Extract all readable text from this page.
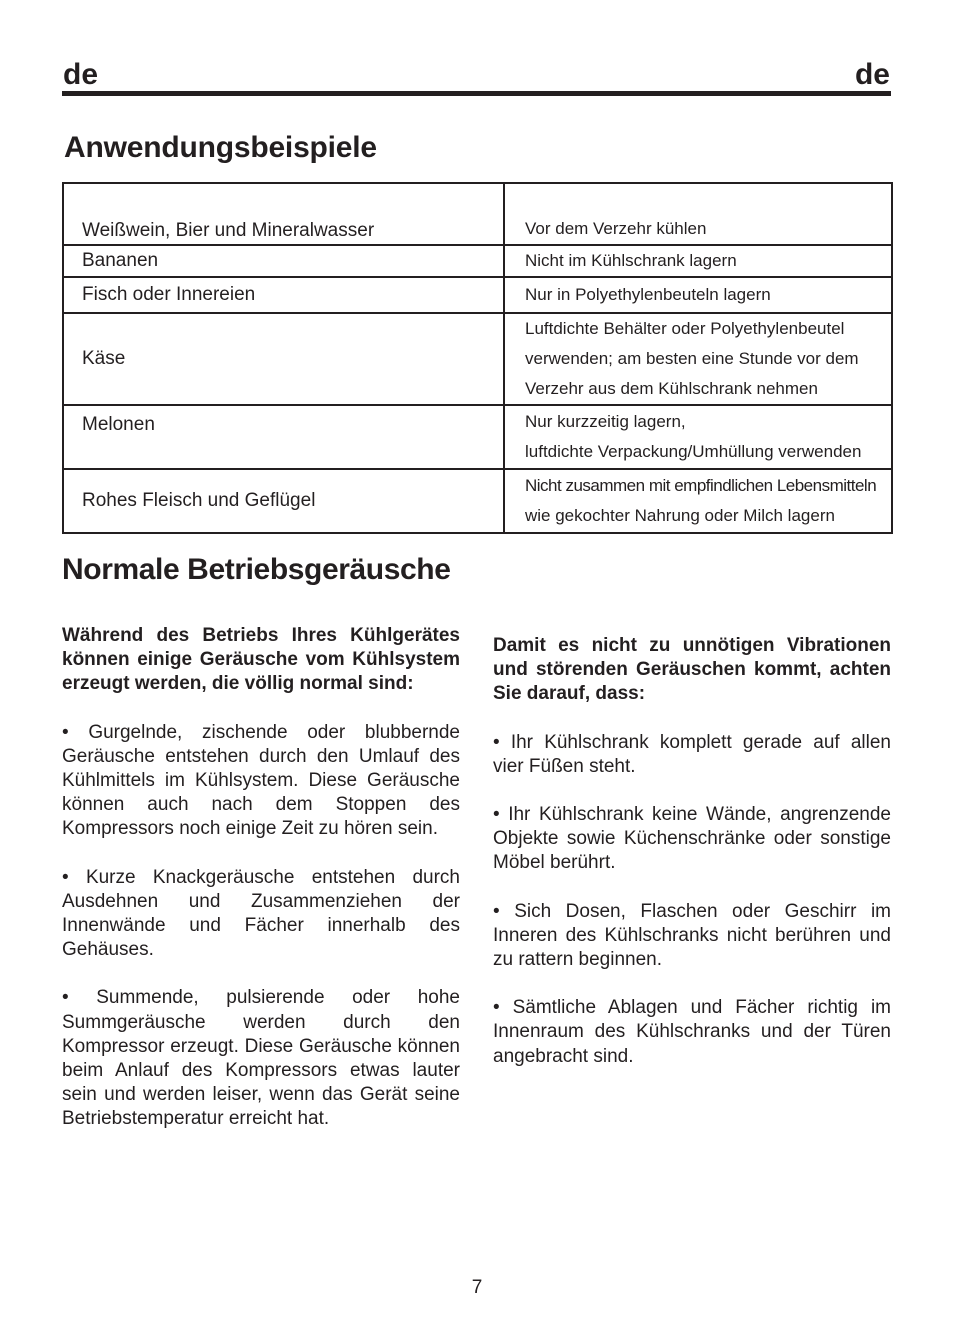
de	de
Anwendungsbeispiele
Weißwein, Bier und Mineralwasser	Vor dem Verzehr kühlen

Bananen	Nicht im Kühlschrank lagern

Fisch oder Innereien	Nur in Polyethylenbeuteln lagern

Käse	Luftdichte Behälter oder Polyethylenbeutel
verwenden; am besten eine Stunde vor dem
Verzehr aus dem Kühlschrank nehmen

Melonen	Nur kurzzeitig lagern,
luftdichte Verpackung/Umhüllung verwenden

Rohes Fleisch und Geflügel	Nicht zusammen mit empfindlichen Lebensmitteln
wie gekochter Nahrung oder Milch lagern
Normale Betriebsgeräusche

Während des Betriebs Ihres Kühlgerätes können einige Geräusche vom Kühlsystem erzeugt werden, die völlig normal sind:

• Gurgelnde, zischende oder blubbernde Geräusche entstehen durch den Umlauf des Kühlmittels im Kühlsystem. Diese Geräusche können auch nach dem Stoppen des Kompressors noch einige Zeit zu hören sein.

• Kurze Knackgeräusche entstehen durch Ausdehnen und Zusammenziehen der Innenwände und Fächer innerhalb des Gehäuses.

• Summende, pulsierende oder hohe Summgeräusche werden durch den Kompressor erzeugt. Diese Geräusche können beim Anlauf des Kompressors etwas lauter sein und werden leiser, wenn das Gerät seine Betriebstemperatur erreicht hat.

Damit es nicht zu unnötigen Vibrationen und störenden Geräuschen kommt, achten Sie darauf, dass:

• Ihr Kühlschrank komplett gerade auf allen vier Füßen steht.

• Ihr Kühlschrank keine Wände, angrenzende Objekte sowie Küchenschränke oder sonstige Möbel berührt.

• Sich Dosen, Flaschen oder Geschirr im Inneren des Kühlschranks nicht berühren und zu rattern beginnen.

• Sämtliche Ablagen und Fächer richtig im Innenraum des Kühlschranks und der Türen angebracht sind.

7
